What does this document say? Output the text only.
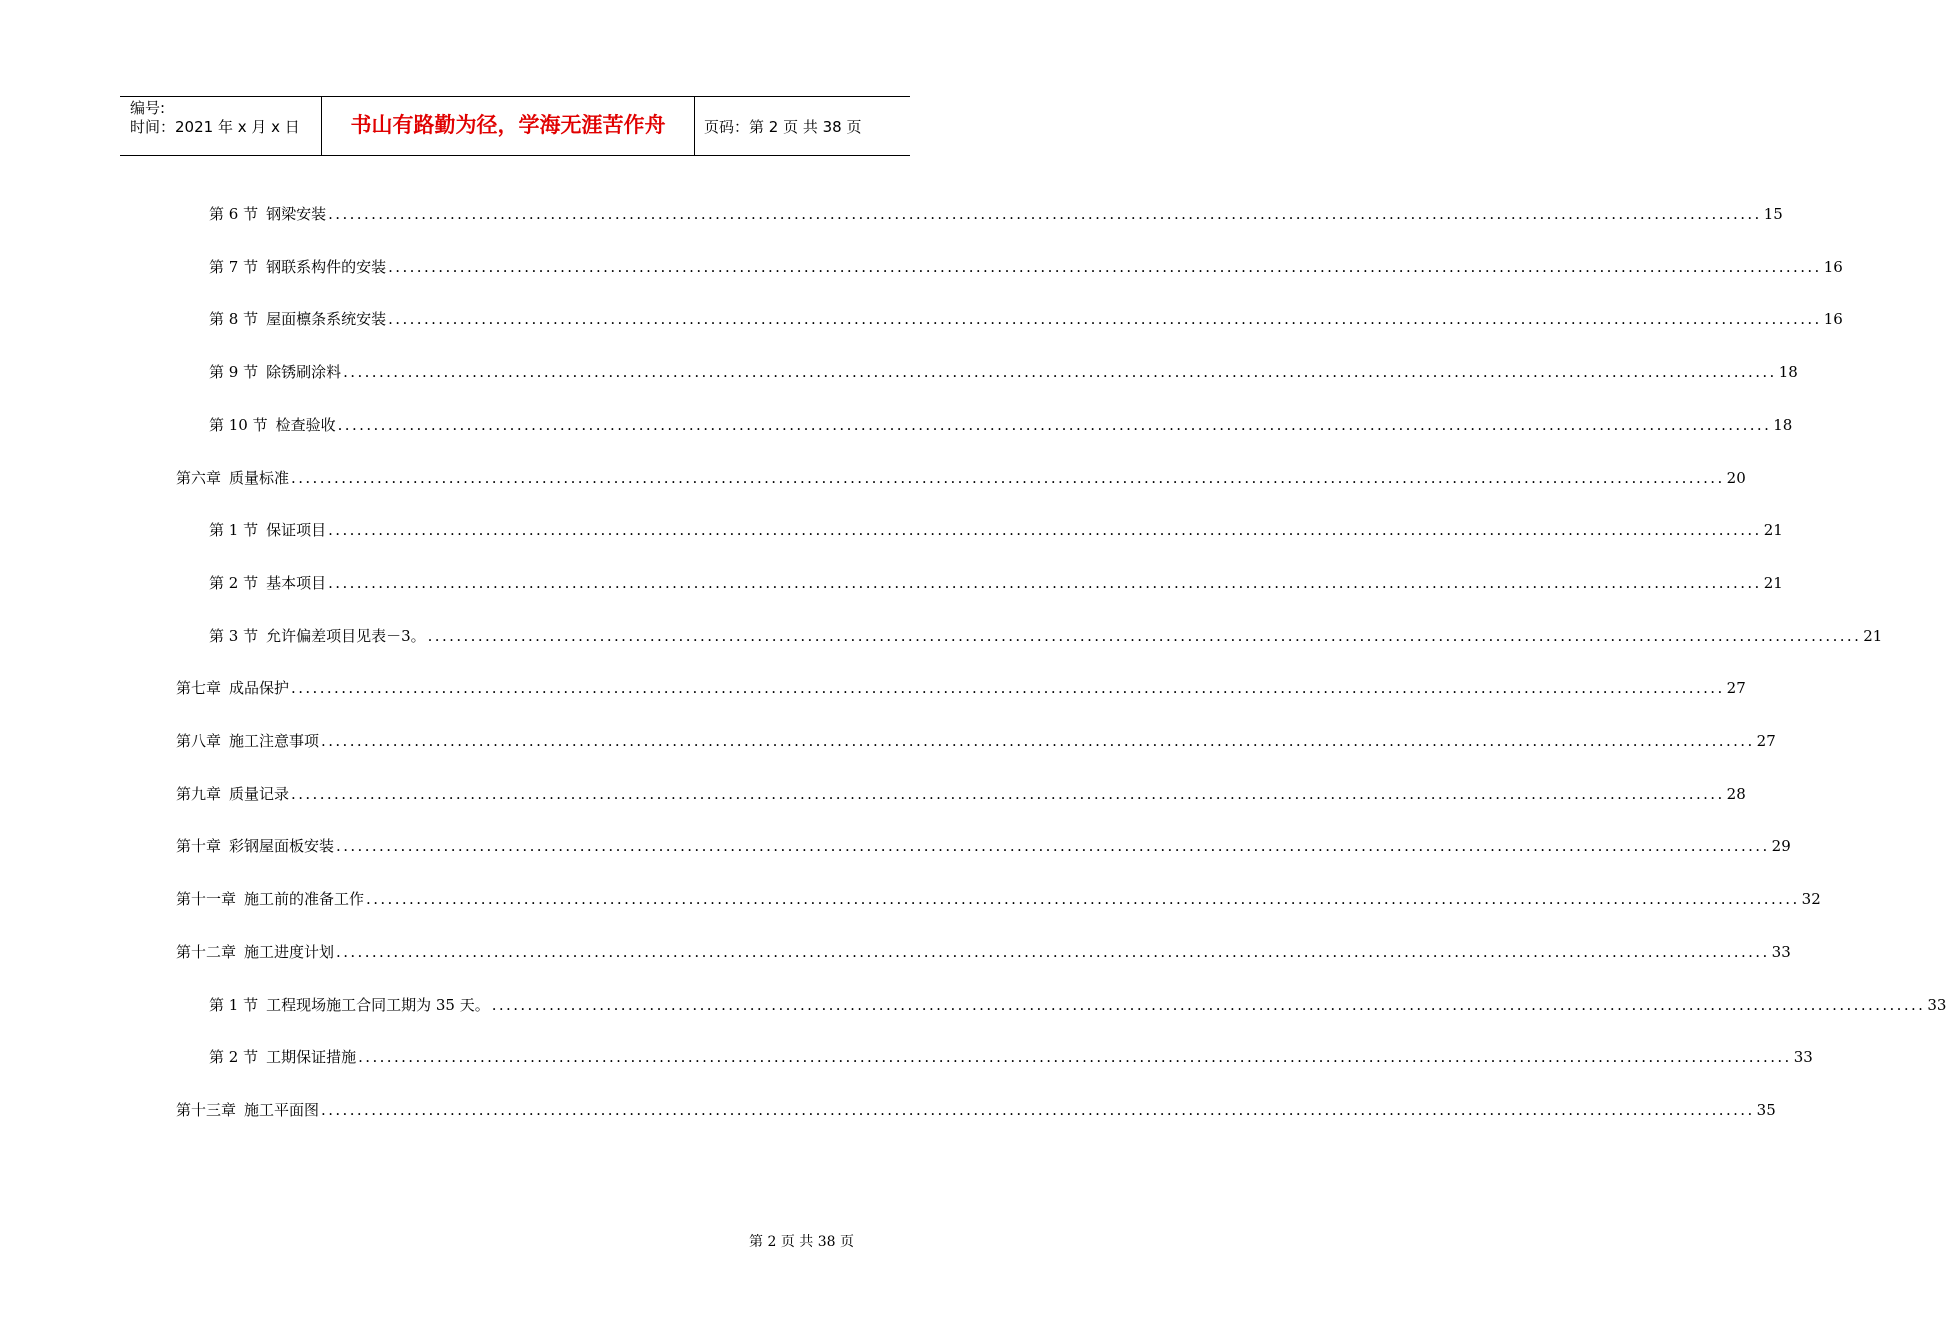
编号:
时间：2021 年 x 月 x 日	书山有路勤为径，学海无涯苦作舟	页码：第 2 页 共 38 页
第 6 节 钢梁安装 ........................................................................................................................................................................................................ 15
第 7 节 钢联系构件的安装 ........................................................................................................................................................................................................ 16
第 8 节 屋面檩条系统安装 ........................................................................................................................................................................................................ 16
第 9 节 除锈刷涂料 ........................................................................................................................................................................................................ 18
第 10 节 检查验收 ........................................................................................................................................................................................................ 18
第六章 质量标准 ........................................................................................................................................................................................................ 20
第 1 节 保证项目 ........................................................................................................................................................................................................ 21
第 2 节 基本项目 ........................................................................................................................................................................................................ 21
第 3 节 允许偏差项目见表－3。 ........................................................................................................................................................................................................ 21
第七章 成品保护 ........................................................................................................................................................................................................ 27
第八章 施工注意事项 ........................................................................................................................................................................................................ 27
第九章 质量记录 ........................................................................................................................................................................................................ 28
第十章 彩钢屋面板安装 ........................................................................................................................................................................................................ 29
第十一章 施工前的准备工作 ........................................................................................................................................................................................................ 32
第十二章 施工进度计划 ........................................................................................................................................................................................................ 33
第 1 节 工程现场施工合同工期为 35 天。 ........................................................................................................................................................................................................ 33
第 2 节 工期保证措施 ........................................................................................................................................................................................................ 33
第十三章 施工平面图 ........................................................................................................................................................................................................ 35
第 2 页 共 38 页
